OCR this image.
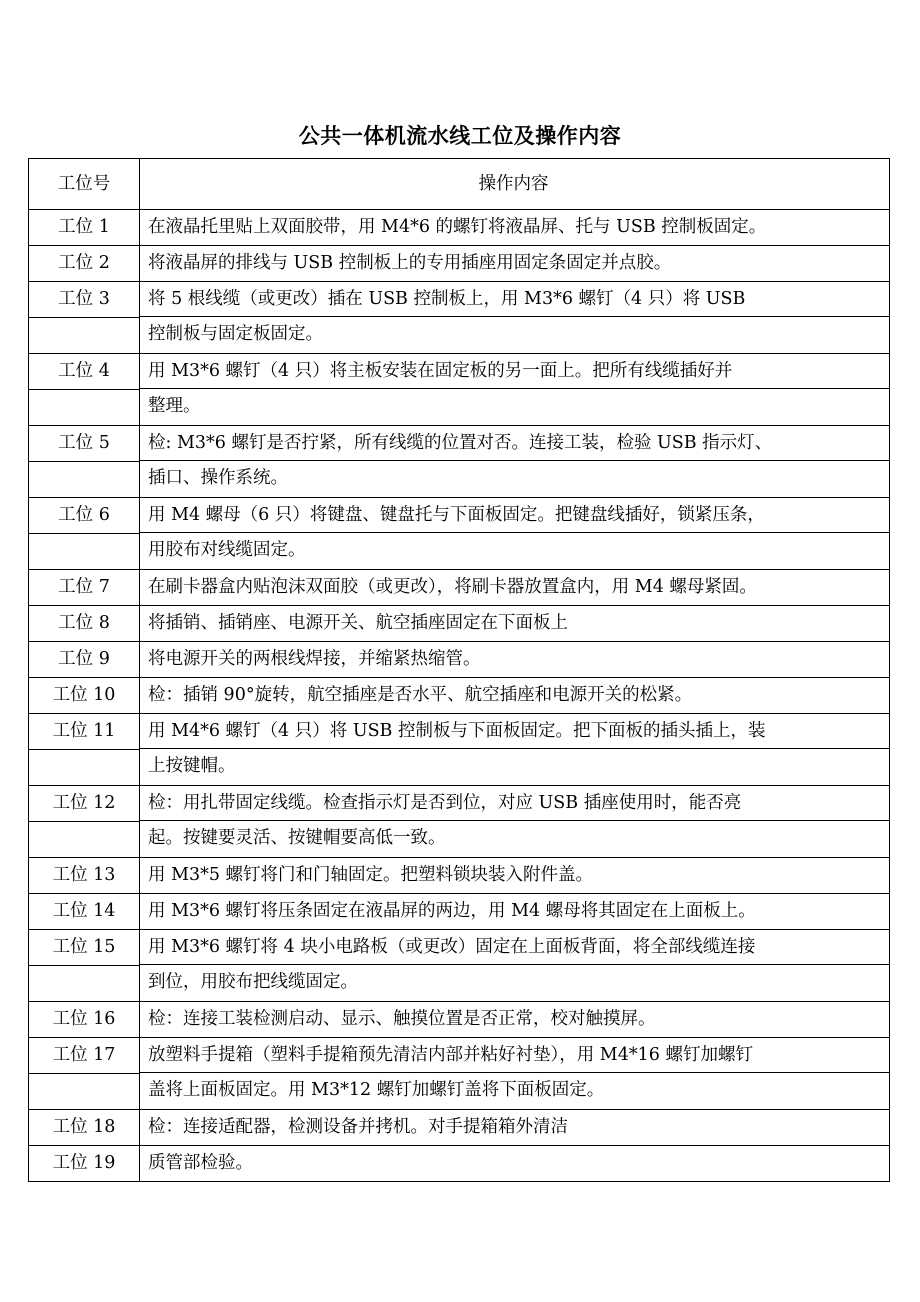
公共一体机流水线工位及操作内容
工位号	操作内容
工位 1	在液晶托里贴上双面胶带，用 M4*6 的螺钉将液晶屏、托与 USB 控制板固定。
工位 2	将液晶屏的排线与 USB 控制板上的专用插座用固定条固定并点胶。
工位 3	将 5 根线缆（或更改）插在 USB 控制板上，用 M3*6 螺钉（4 只）将 USB
控制板与固定板固定。
工位 4	用 M3*6 螺钉（4 只）将主板安装在固定板的另一面上。把所有线缆插好并
整理。
工位 5	检: M3*6 螺钉是否拧紧，所有线缆的位置对否。连接工装，检验 USB 指示灯、
插口、操作系统。
工位 6	用 M4 螺母（6 只）将键盘、键盘托与下面板固定。把键盘线插好，锁紧压条，
用胶布对线缆固定。
工位 7	在刷卡器盒内贴泡沫双面胶（或更改），将刷卡器放置盒内，用 M4 螺母紧固。
工位 8	将插销、插销座、电源开关、航空插座固定在下面板上
工位 9	将电源开关的两根线焊接，并缩紧热缩管。
工位 10	检：插销 90°旋转，航空插座是否水平、航空插座和电源开关的松紧。
工位 11	用 M4*6 螺钉（4 只）将 USB 控制板与下面板固定。把下面板的插头插上，装
上按键帽。
工位 12	检：用扎带固定线缆。检查指示灯是否到位，对应 USB 插座使用时，能否亮
起。按键要灵活、按键帽要高低一致。
工位 13	用 M3*5 螺钉将门和门轴固定。把塑料锁块装入附件盖。
工位 14	用 M3*6 螺钉将压条固定在液晶屏的两边，用 M4 螺母将其固定在上面板上。
工位 15	用 M3*6 螺钉将 4 块小电路板（或更改）固定在上面板背面，将全部线缆连接
到位，用胶布把线缆固定。
工位 16	检：连接工装检测启动、显示、触摸位置是否正常，校对触摸屏。
工位 17	放塑料手提箱（塑料手提箱预先清洁内部并粘好衬垫），用 M4*16 螺钉加螺钉
盖将上面板固定。用 M3*12 螺钉加螺钉盖将下面板固定。
工位 18	检：连接适配器，检测设备并拷机。对手提箱箱外清洁
工位 19	质管部检验。
